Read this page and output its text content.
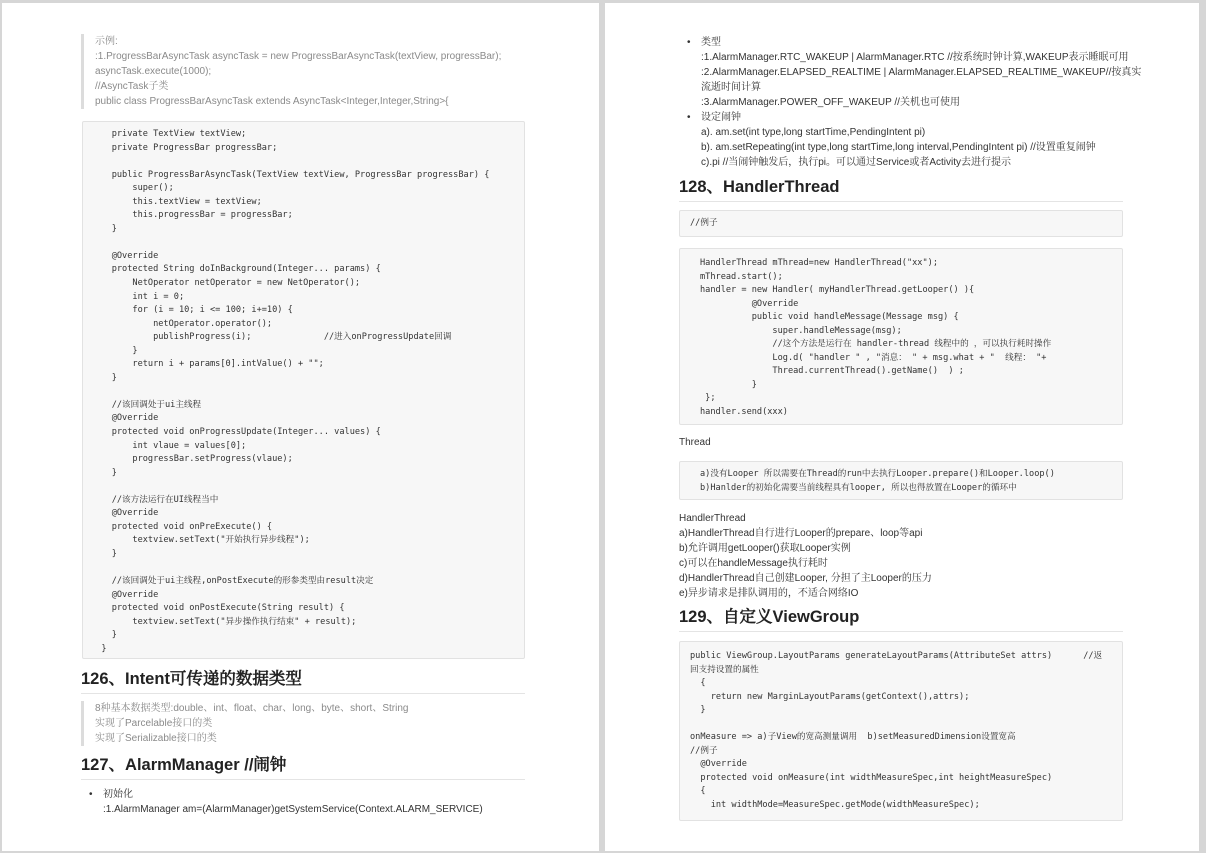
示例:
:1.ProgressBarAsyncTask asyncTask = new ProgressBarAsyncTask(textView, progressBar);
asyncTask.execute(1000);
//AsyncTask子类
public class ProgressBarAsyncTask extends AsyncTask<Integer,Integer,String>{
private TextView textView;
private ProgressBar progressBar;

public ProgressBarAsyncTask(TextView textView, ProgressBar progressBar) {
super();
this.textView = textView;
this.progressBar = progressBar;
}

@Override
protected String doInBackground(Integer... params) {
NetOperator netOperator = new NetOperator();
int i = 0;
for (i = 10; i <= 100; i+=10) {
netOperator.operator();
publishProgress(i);              //进入onProgressUpdate回调
}
return i + params[0].intValue() + "";
}

//该回调处于ui主线程
@Override
protected void onProgressUpdate(Integer... values) {
int vlaue = values[0];
progressBar.setProgress(vlaue);
}

//该方法运行在UI线程当中
@Override
protected void onPreExecute() {
textview.setText("开始执行异步线程");
}

//该回调处于ui主线程,onPostExecute的形参类型由result决定
@Override
protected void onPostExecute(String result) {
textview.setText("异步操作执行结束" + result);
}
}
126、Intent可传递的数据类型
8种基本数据类型:double、int、float、char、long、byte、short、String
实现了Parcelable接口的类
实现了Serializable接口的类
127、AlarmManager //闹钟
• 初始化
:1.AlarmManager am=(AlarmManager)getSystemService(Context.ALARM_SERVICE)
• 类型
:1.AlarmManager.RTC_WAKEUP | AlarmManager.RTC //按系统时钟计算,WAKEUP表示睡眠可用
:2.AlarmManager.ELAPSED_REALTIME | AlarmManager.ELAPSED_REALTIME_WAKEUP//按真实
流逝时间计算
:3.AlarmManager.POWER_OFF_WAKEUP //关机也可使用
• 设定闹钟
a). am.set(int type,long startTime,PendingIntent pi)
b). am.setRepeating(int type,long startTime,long interval,PendingIntent pi) //设置重复闹钟
c).pi //当闹钟触发后，执行pi。可以通过Service或者Activity去进行提示
128、HandlerThread
//例子
HandlerThread mThread=new HandlerThread("xx");
mThread.start();
handler = new Handler( myHandlerThread.getLooper() ){
@Override
public void handleMessage(Message msg) {
super.handleMessage(msg);
//这个方法是运行在 handler-thread 线程中的 ，可以执行耗时操作
Log.d( "handler " , "消息： " + msg.what + "  线程： "+
Thread.currentThread().getName()  ) ;
}
};
handler.send(xxx)
Thread
a)没有Looper 所以需要在Thread的run中去执行Looper.prepare()和Looper.loop()
b)Hanlder的初始化需要当前线程具有looper, 所以也得放置在Looper的循环中
HandlerThread
a)HandlerThread自行进行Looper的prepare、loop等api
b)允许调用getLooper()获取Looper实例
c)可以在handleMessage执行耗时
d)HandlerThread自己创建Looper, 分担了主Looper的压力
e)异步请求是排队调用的，不适合网络IO
129、自定义ViewGroup
public ViewGroup.LayoutParams generateLayoutParams(AttributeSet attrs)      //返
回支持设置的属性
{
return new MarginLayoutParams(getContext(),attrs);
}

onMeasure => a)子View的宽高测量调用  b)setMeasuredDimension设置宽高
//例子
@Override
protected void onMeasure(int widthMeasureSpec,int heightMeasureSpec)
{
int widthMode=MeasureSpec.getMode(widthMeasureSpec);
